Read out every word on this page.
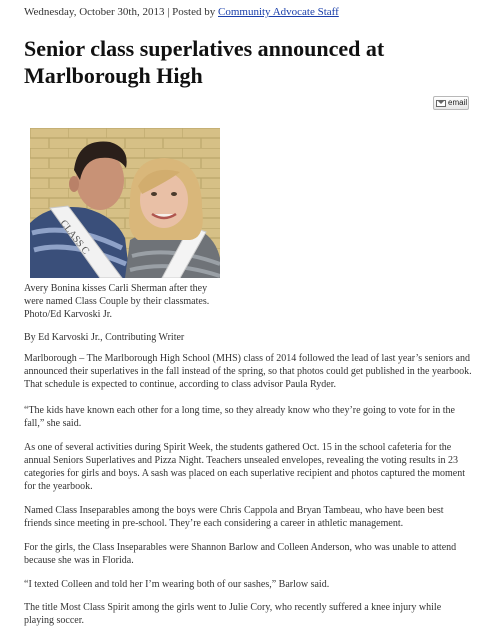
Wednesday, October 30th, 2013 | Posted by Community Advocate Staff
Senior class superlatives announced at Marlborough High
email
CLASS C
Avery Bonina kisses Carli Sherman after they were named Class Couple by their classmates. Photo/Ed Karvoski Jr.
By Ed Karvoski Jr., Contributing Writer

Marlborough – The Marlborough High School (MHS) class of 2014 followed the lead of last year’s seniors and announced their superlatives in the fall instead of the spring, so that photos could get published in the yearbook. That schedule is expected to continue, according to class advisor Paula Ryder.

“The kids have known each other for a long time, so they already know who they’re going to vote for in the fall,” she said.

As one of several activities during Spirit Week, the students gathered Oct. 15 in the school cafeteria for the annual Seniors Superlatives and Pizza Night. Teachers unsealed envelopes, revealing the voting results in 23 categories for girls and boys. A sash was placed on each superlative recipient and photos captured the moment for the yearbook.

Named Class Inseparables among the boys were Chris Cappola and Bryan Tambeau, who have been best friends since meeting in pre-school. They’re each considering a career in athletic management.

For the girls, the Class Inseparables were Shannon Barlow and Colleen Anderson, who was unable to attend because she was in Florida.

“I texted Colleen and told her I’m wearing both of our sashes,” Barlow said.

The title Most Class Spirit among the girls went to Julie Cory, who recently suffered a knee injury while playing soccer.
